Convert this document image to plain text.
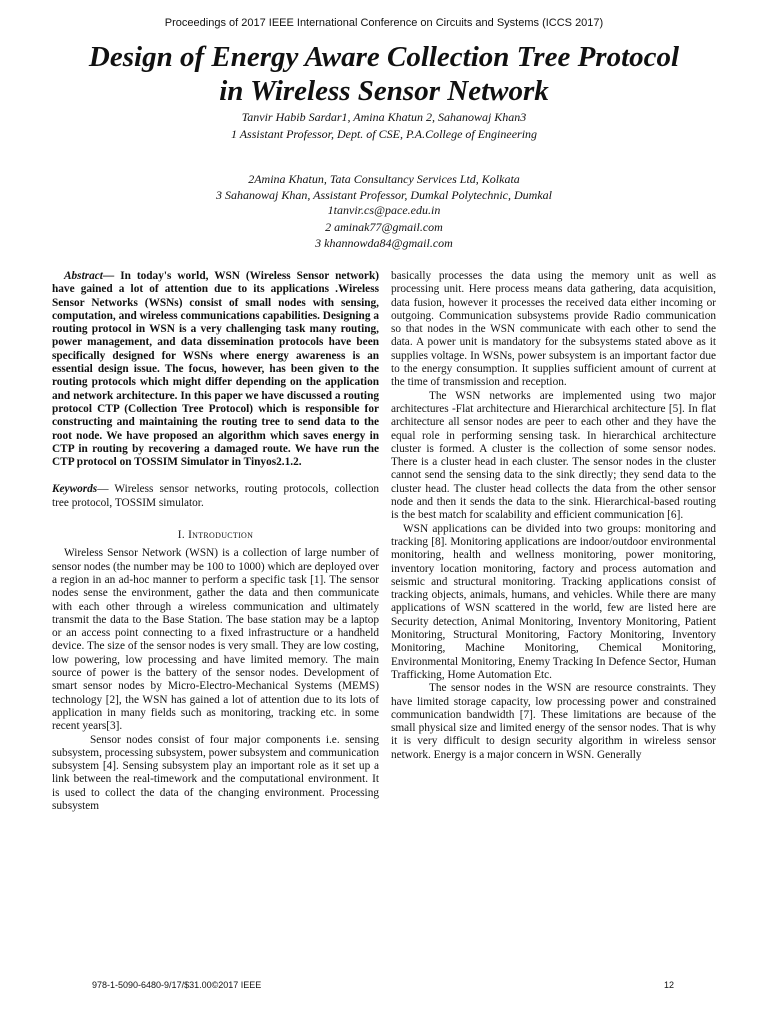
Proceedings of 2017 IEEE International Conference on Circuits and Systems (ICCS 2017)
Design of Energy Aware Collection Tree Protocol
in Wireless Sensor Network
Tanvir Habib Sardar1, Amina Khatun 2, Sahanowaj Khan3
1 Assistant Professor, Dept. of CSE, P.A.College of Engineering
2Amina Khatun, Tata Consultancy Services Ltd, Kolkata
3 Sahanowaj Khan, Assistant Professor, Dumkal Polytechnic, Dumkal
1tanvir.cs@pace.edu.in
2 aminak77@gmail.com
3 khannowda84@gmail.com

Abstract— In today's world, WSN (Wireless Sensor network) have gained a lot of attention due to its applications .Wireless Sensor Networks (WSNs) consist of small nodes with sensing, computation, and wireless communications capabilities. Designing a routing protocol in WSN is a very challenging task many routing, power management, and data dissemination protocols have been specifically designed for WSNs where energy awareness is an essential design issue. The focus, however, has been given to the routing protocols which might differ depending on the application and network architecture. In this paper we have discussed a routing protocol CTP (Collection Tree Protocol) which is responsible for constructing and maintaining the routing tree to send data to the root node. We have proposed an algorithm which saves energy in CTP in routing by recovering a damaged route. We have run the CTP protocol on TOSSIM Simulator in Tinyos2.1.2.

Keywords— Wireless sensor networks, routing protocols, collection tree protocol, TOSSIM simulator.

I. Introduction

Wireless Sensor Network (WSN) is a collection of large number of sensor nodes (the number may be 100 to 1000) which are deployed over a region in an ad-hoc manner to perform a specific task [1]. The sensor nodes sense the environment, gather the data and then communicate with each other through a wireless communication and ultimately transmit the data to the Base Station. The base station may be a laptop or an access point connecting to a fixed infrastructure or a handheld device. The size of the sensor nodes is very small. They are low costing, low powering, low processing and have limited memory. The main source of power is the battery of the sensor nodes. Development of smart sensor nodes by Micro-Electro-Mechanical Systems (MEMS) technology [2], the WSN has gained a lot of attention due to its lots of application in many fields such as monitoring, tracking etc. in some recent years[3].

Sensor nodes consist of four major components i.e. sensing subsystem, processing subsystem, power subsystem and communication subsystem [4]. Sensing subsystem play an important role as it set up a link between the real-timework and the computational environment. It is used to collect the data of the changing environment. Processing subsystem

basically processes the data using the memory unit as well as processing unit. Here process means data gathering, data acquisition, data fusion, however it processes the received data either incoming or outgoing. Communication subsystems provide Radio communication so that nodes in the WSN communicate with each other to send the data. A power unit is mandatory for the subsystems stated above as it supplies voltage. In WSNs, power subsystem is an important factor due to the energy consumption. It supplies sufficient amount of current at the time of transmission and reception.

The WSN networks are implemented using two major architectures -Flat architecture and Hierarchical architecture [5]. In flat architecture all sensor nodes are peer to each other and they have the equal role in performing sensing task. In hierarchical architecture cluster is formed. A cluster is the collection of some sensor nodes. There is a cluster head in each cluster. The sensor nodes in the cluster cannot send the sensing data to the sink directly; they send data to the cluster head. The cluster head collects the data from the other sensor node and then it sends the data to the sink. Hierarchical-based routing is the best match for scalability and efficient communication [6].

WSN applications can be divided into two groups: monitoring and tracking [8]. Monitoring applications are indoor/outdoor environmental monitoring, health and wellness monitoring, power monitoring, inventory location monitoring, factory and process automation and seismic and structural monitoring. Tracking applications consist of tracking objects, animals, humans, and vehicles. While there are many applications of WSN scattered in the world, few are listed here are Security detection, Animal Monitoring, Inventory Monitoring, Patient Monitoring, Structural Monitoring, Factory Monitoring, Inventory Monitoring, Machine Monitoring, Chemical Monitoring, Environmental Monitoring, Enemy Tracking In Defence Sector, Human Trafficking, Home Automation Etc.

The sensor nodes in the WSN are resource constraints. They have limited storage capacity, low processing power and constrained communication bandwidth [7]. These limitations are because of the small physical size and limited energy of the sensor nodes. That is why it is very difficult to design security algorithm in wireless sensor network. Energy is a major concern in WSN. Generally

978-1-5090-6480-9/17/$31.00©2017 IEEE	12
